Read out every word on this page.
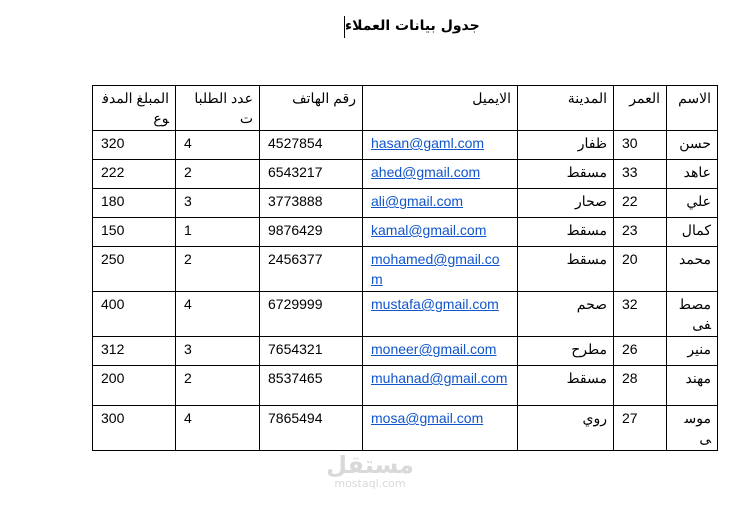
جدول بيانات العملاء
المبلغ المدفوع	عدد الطلبات	رقم الهاتف	الايميل	المدينة	العمر	الاسم
320	4	4527854	hasan@gaml.com	ظفار	30	حسن
222	2	6543217	ahed@gmail.com	مسقط	33	عاهد
180	3	3773888	ali@gmail.com	صحار	22	علي
150	1	9876429	kamal@gmail.com	مسقط	23	كمال
250	2	2456377	mohamed@gmail.com	مسقط	20	محمد
400	4	6729999	mustafa@gmail.com	صحم	32	مصطفى
312	3	7654321	moneer@gmail.com	مطرح	26	منير
200	2	8537465	muhanad@gmail.com	مسقط	28	مهند
300	4	7865494	mosa@gmail.com	روي	27	موسى
مستقل
mostaql.com
